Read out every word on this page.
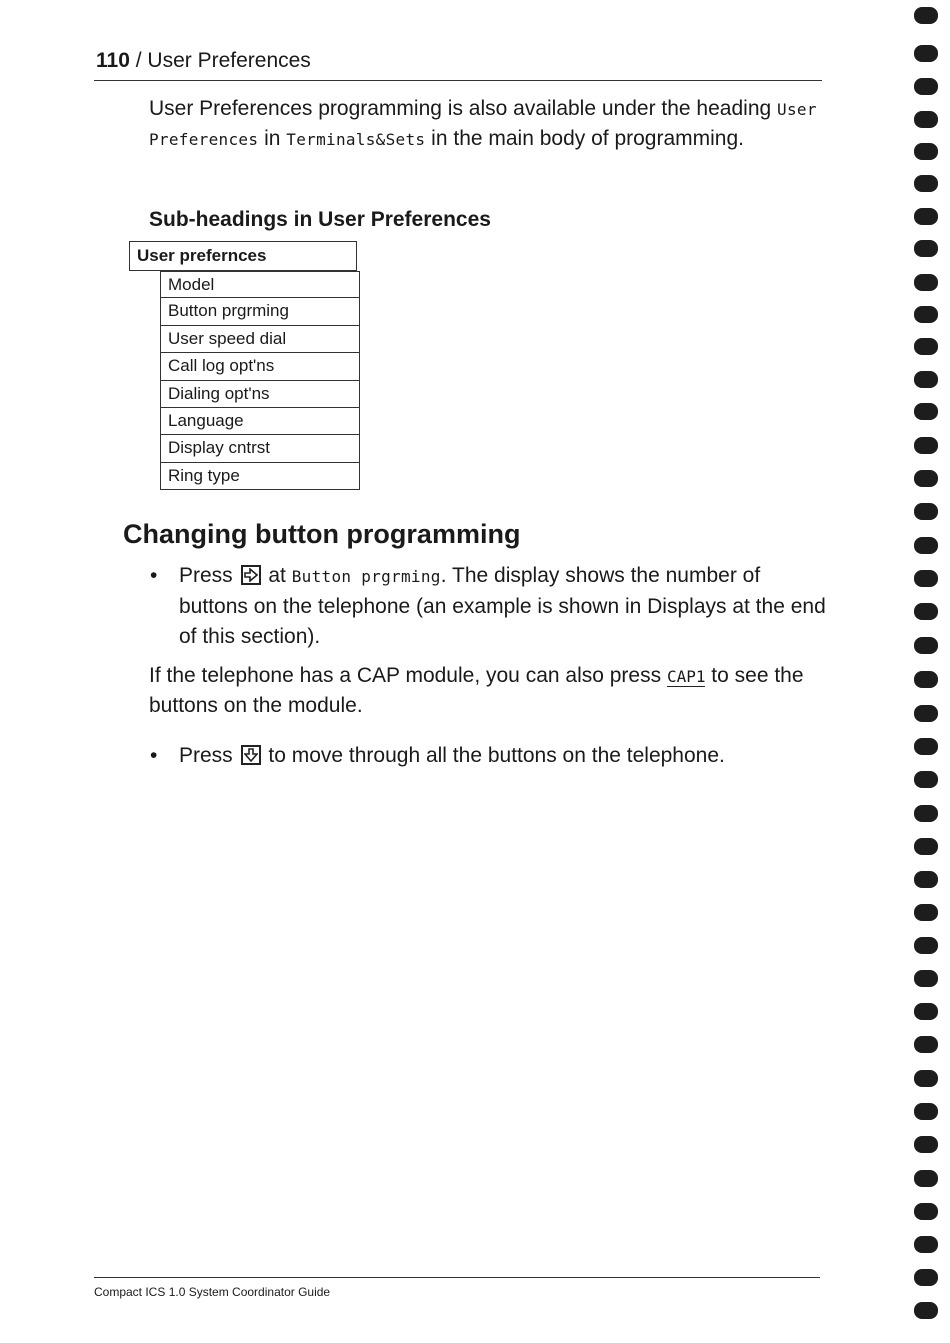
110 / User Preferences
User Preferences programming is also available under the heading User Preferences in Terminals&Sets in the main body of programming.
Sub-headings in User Preferences
User prefernces
Model
Button prgrming
User speed dial
Call log opt'ns
Dialing opt'ns
Language
Display cntrst
Ring type
Changing button programming
• Press
at Button prgrming. The display shows the number of buttons on the telephone (an example is shown in Displays at the end of this section).
If the telephone has a CAP module, you can also press CAP1 to see the buttons on the module.
• Press
to move through all the buttons on the telephone.
Compact ICS 1.0 System Coordinator Guide
